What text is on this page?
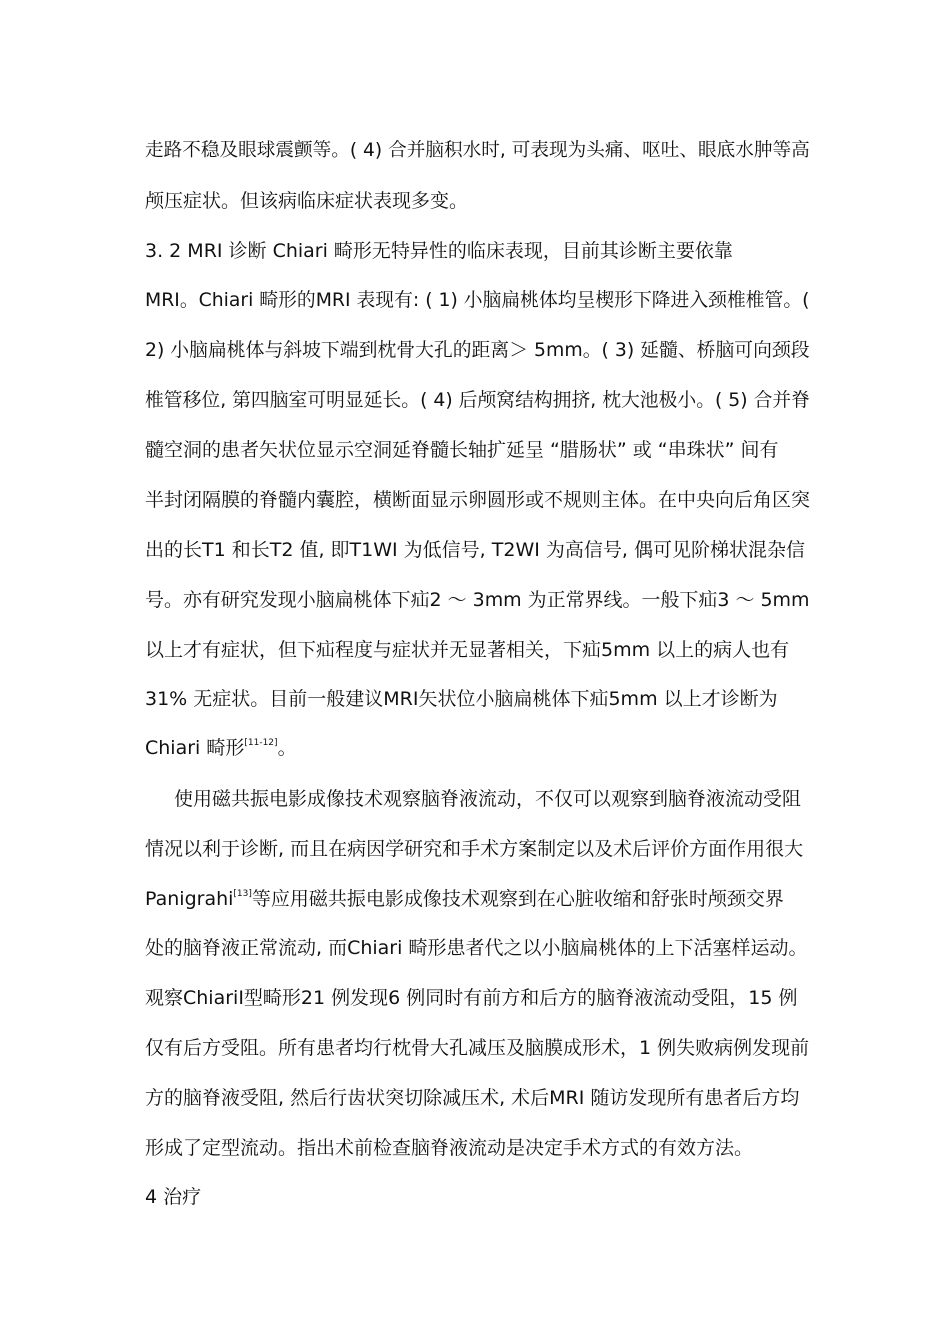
走路不稳及眼球震颤等。( 4) 合并脑积水时, 可表现为头痛、呕吐、眼底水肿等高
颅压症状。但该病临床症状表现多变。
3. 2 MRI 诊断 Chiari 畸形无特异性的临床表现，目前其诊断主要依靠
MRI。Chiari 畸形的MRI 表现有: ( 1) 小脑扁桃体均呈楔形下降进入颈椎椎管。(
2) 小脑扁桃体与斜坡下端到枕骨大孔的距离＞ 5mm。( 3) 延髓、桥脑可向颈段
椎管移位, 第四脑室可明显延长。( 4) 后颅窝结构拥挤, 枕大池极小。( 5) 合并脊
髓空洞的患者矢状位显示空洞延脊髓长轴扩延呈 “腊肠状” 或 “串珠状” 间有
半封闭隔膜的脊髓内囊腔，横断面显示卵圆形或不规则主体。在中央向后角区突
出的长T1 和长T2 值, 即T1WI 为低信号, T2WI 为高信号, 偶可见阶梯状混杂信
号。亦有研究发现小脑扁桃体下疝2 ～ 3mm 为正常界线。一般下疝3 ～ 5mm
以上才有症状，但下疝程度与症状并无显著相关，下疝5mm 以上的病人也有
31% 无症状。目前一般建议MRI矢状位小脑扁桃体下疝5mm 以上才诊断为
Chiari 畸形[11-12]。
使用磁共振电影成像技术观察脑脊液流动，不仅可以观察到脑脊液流动受阻
情况以利于诊断, 而且在病因学研究和手术方案制定以及术后评价方面作用很大
Panigrahi[13]等应用磁共振电影成像技术观察到在心脏收缩和舒张时颅颈交界
处的脑脊液正常流动, 而Chiari 畸形患者代之以小脑扁桃体的上下活塞样运动。
观察ChiariI型畸形21 例发现6 例同时有前方和后方的脑脊液流动受阻，15 例
仅有后方受阻。所有患者均行枕骨大孔减压及脑膜成形术，1 例失败病例发现前
方的脑脊液受阻, 然后行齿状突切除减压术, 术后MRI 随访发现所有患者后方均
形成了定型流动。指出术前检查脑脊液流动是决定手术方式的有效方法。
4 治疗
